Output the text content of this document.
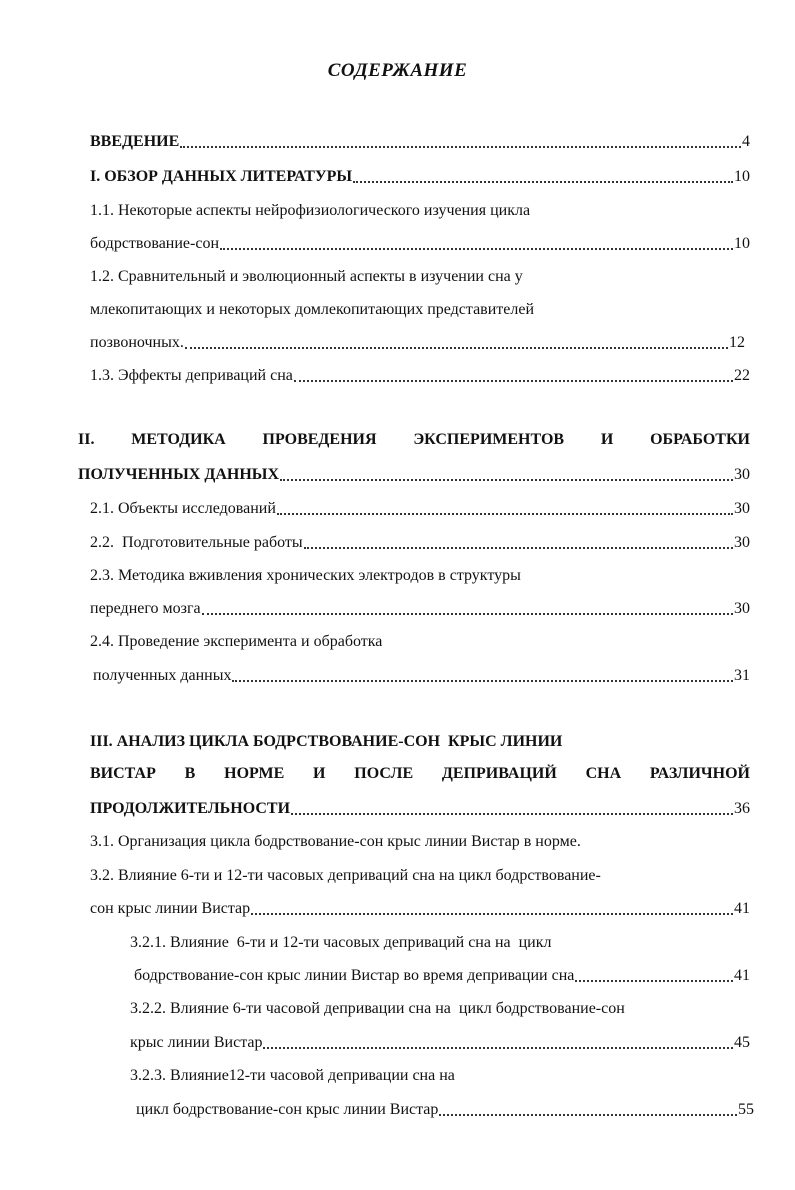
СОДЕРЖАНИЕ
ВВЕДЕНИЕ	4
I. ОБЗОР ДАННЫХ ЛИТЕРАТУРЫ	10
1.1. Некоторые аспекты нейрофизиологического изучения цикла
бодрствование-сон	10
1.2. Сравнительный и эволюционный аспекты в изучении сна у
млекопитающих и некоторых домлекопитающих представителей
позвоночных.	12
1.3. Эффекты деприваций сна	22
II. МЕТОДИКА ПРОВЕДЕНИЯ ЭКСПЕРИМЕНТОВ И ОБРАБОТКИ
ПОЛУЧЕННЫХ ДАННЫХ	30
2.1. Объекты исследований	30
2.2.  Подготовительные работы	30
2.3. Методика вживления хронических электродов в структуры
переднего мозга	30
2.4. Проведение эксперимента и обработка
полученных данных	31
III. АНАЛИЗ ЦИКЛА БОДРСТВОВАНИЕ-СОН  КРЫС ЛИНИИ
ВИСТАР В НОРМЕ И ПОСЛЕ ДЕПРИВАЦИЙ СНА РАЗЛИЧНОЙ
ПРОДОЛЖИТЕЛЬНОСТИ	36
3.1. Организация цикла бодрствование-сон крыс линии Вистар в норме.
3.2. Влияние 6-ти и 12-ти часовых деприваций сна на цикл бодрствование-
сон крыс линии Вистар	41
3.2.1. Влияние  6-ти и 12-ти часовых деприваций сна на  цикл
бодрствование-сон крыс линии Вистар во время депривации сна	41
3.2.2. Влияние 6-ти часовой депривации сна на  цикл бодрствование-сон
крыс линии Вистар	45
3.2.3. Влияние12-ти часовой депривации сна на
цикл бодрствование-сон крыс линии Вистар	55
